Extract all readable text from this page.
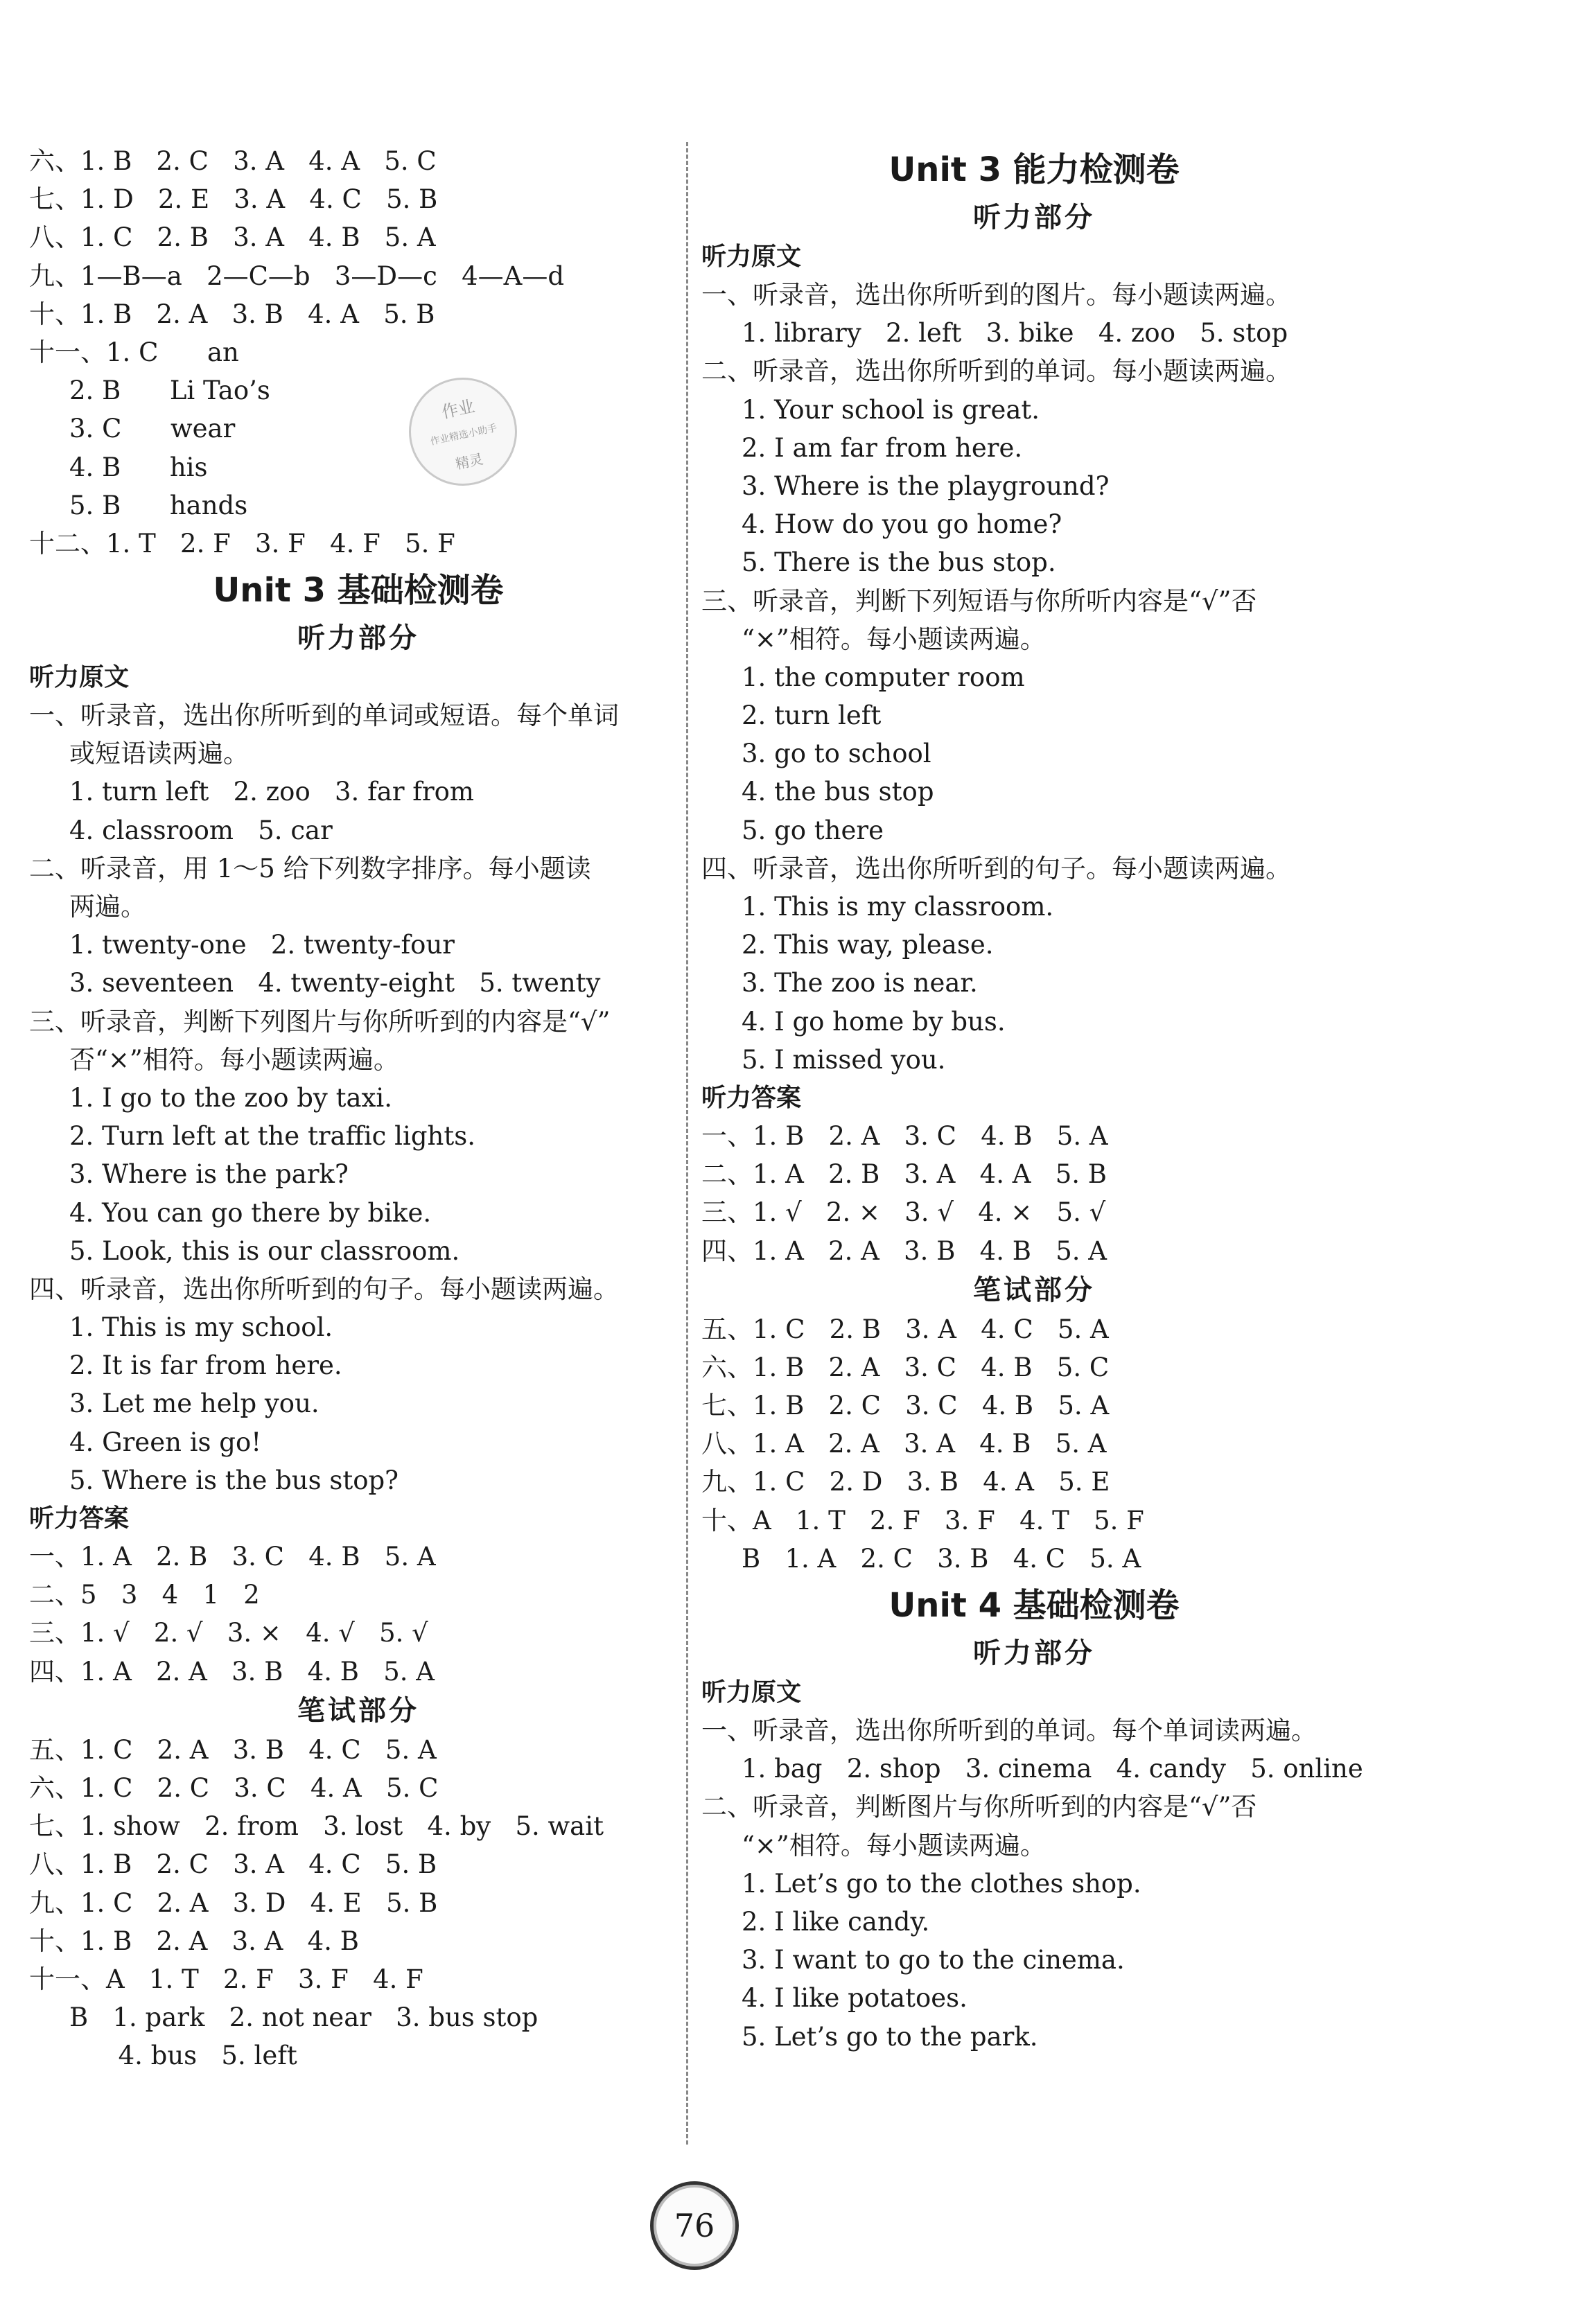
六、1. B   2. C   3. A   4. A   5. C
七、1. D   2. E   3. A   4. C   5. B
八、1. C   2. B   3. A   4. B   5. A
九、1—B—a   2—C—b   3—D—c   4—A—d
十、1. B   2. A   3. B   4. A   5. B
十一、1. C      an
2. B      Li Tao’s
3. C      wear
4. B      his
5. B      hands
十二、1. T   2. F   3. F   4. F   5. F
Unit 3 基础检测卷
听力部分
听力原文
一、听录音，选出你所听到的单词或短语。每个单词
或短语读两遍。
1. turn left   2. zoo   3. far from
4. classroom   5. car
二、听录音，用 1～5 给下列数字排序。每小题读
两遍。
1. twenty-one   2. twenty-four
3. seventeen   4. twenty-eight   5. twenty
三、听录音，判断下列图片与你所听到的内容是“√”
否“×”相符。每小题读两遍。
1. I go to the zoo by taxi.
2. Turn left at the traffic lights.
3. Where is the park?
4. You can go there by bike.
5. Look, this is our classroom.
四、听录音，选出你所听到的句子。每小题读两遍。
1. This is my school.
2. It is far from here.
3. Let me help you.
4. Green is go!
5. Where is the bus stop?
听力答案
一、1. A   2. B   3. C   4. B   5. A
二、5   3   4   1   2
三、1. √   2. √   3. ×   4. √   5. √
四、1. A   2. A   3. B   4. B   5. A
笔试部分
五、1. C   2. A   3. B   4. C   5. A
六、1. C   2. C   3. C   4. A   5. C
七、1. show   2. from   3. lost   4. by   5. wait
八、1. B   2. C   3. A   4. C   5. B
九、1. C   2. A   3. D   4. E   5. B
十、1. B   2. A   3. A   4. B
十一、A   1. T   2. F   3. F   4. F
B   1. park   2. not near   3. bus stop
4. bus   5. left
Unit 3 能力检测卷
听力部分
听力原文
一、听录音，选出你所听到的图片。每小题读两遍。
1. library   2. left   3. bike   4. zoo   5. stop
二、听录音，选出你所听到的单词。每小题读两遍。
1. Your school is great.
2. I am far from here.
3. Where is the playground?
4. How do you go home?
5. There is the bus stop.
三、听录音，判断下列短语与你所听内容是“√”否
“×”相符。每小题读两遍。
1. the computer room
2. turn left
3. go to school
4. the bus stop
5. go there
四、听录音，选出你所听到的句子。每小题读两遍。
1. This is my classroom.
2. This way, please.
3. The zoo is near.
4. I go home by bus.
5. I missed you.
听力答案
一、1. B   2. A   3. C   4. B   5. A
二、1. A   2. B   3. A   4. A   5. B
三、1. √   2. ×   3. √   4. ×   5. √
四、1. A   2. A   3. B   4. B   5. A
笔试部分
五、1. C   2. B   3. A   4. C   5. A
六、1. B   2. A   3. C   4. B   5. C
七、1. B   2. C   3. C   4. B   5. A
八、1. A   2. A   3. A   4. B   5. A
九、1. C   2. D   3. B   4. A   5. E
十、A   1. T   2. F   3. F   4. T   5. F
B   1. A   2. C   3. B   4. C   5. A
Unit 4 基础检测卷
听力部分
听力原文
一、听录音，选出你所听到的单词。每个单词读两遍。
1. bag   2. shop   3. cinema   4. candy   5. online
二、听录音，判断图片与你所听到的内容是“√”否
“×”相符。每小题读两遍。
1. Let’s go to the clothes shop.
2. I like candy.
3. I want to go to the cinema.
4. I like potatoes.
5. Let’s go to the park.
作业
作业精选小助手
精灵
76
